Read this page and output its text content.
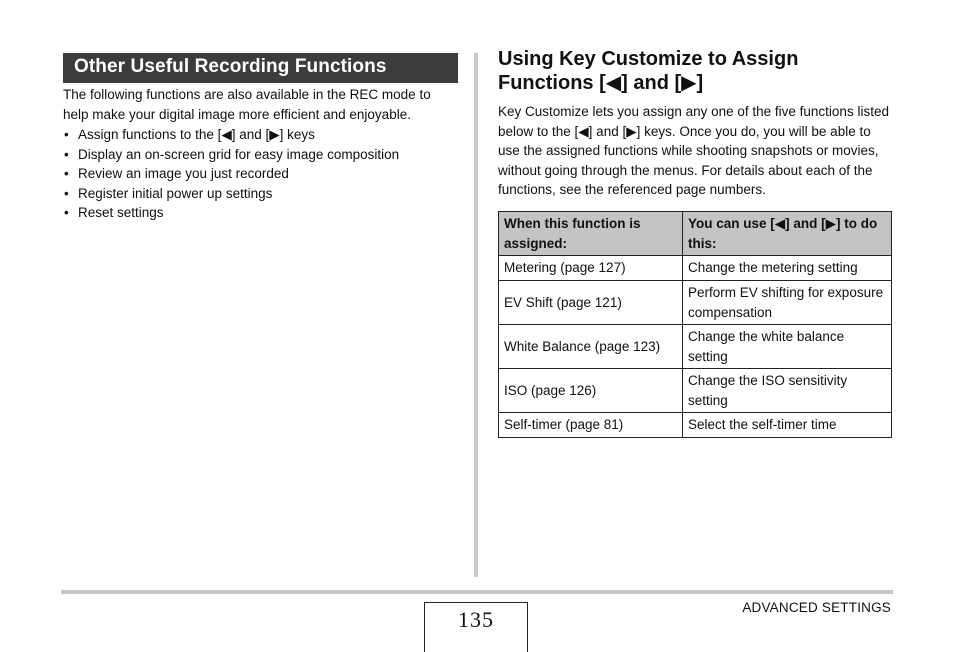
Other Useful Recording Functions

The following functions are also available in the REC mode to help make your digital image more efficient and enjoyable.

• Assign functions to the [◀] and [▶] keys
• Display an on-screen grid for easy image composition
• Review an image you just recorded
• Register initial power up settings
• Reset settings
Using Key Customize to Assign Functions [◀] and [▶]

Key Customize lets you assign any one of the five functions listed below to the [◀] and [▶] keys. Once you do, you will be able to use the assigned functions while shooting snapshots or movies, without going through the menus. For details about each of the functions, see the referenced page numbers.

When this function is assigned:	You can use [◀] and [▶] to do this:
Metering (page 127)	Change the metering setting
EV Shift (page 121)	Perform EV shifting for exposure compensation
White Balance (page 123)	Change the white balance setting
ISO (page 126)	Change the ISO sensitivity setting
Self-timer (page 81)	Select the self-timer time
135	ADVANCED SETTINGS
